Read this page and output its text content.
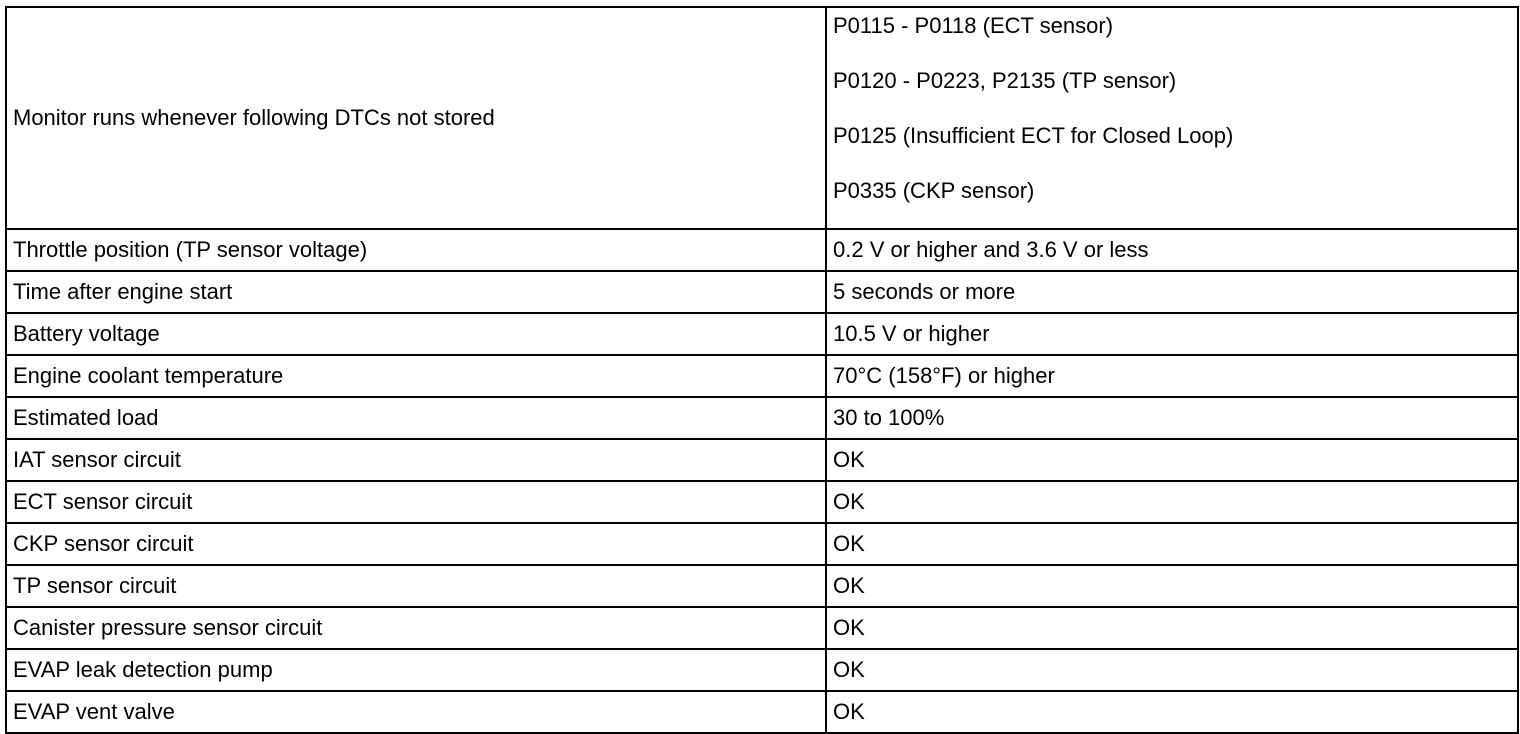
Monitor runs whenever following DTCs not stored	P0115 - P0118 (ECT sensor)
P0120 - P0223, P2135 (TP sensor)
P0125 (Insufficient ECT for Closed Loop)
P0335 (CKP sensor)

Throttle position (TP sensor voltage)	0.2 V or higher and 3.6 V or less
Time after engine start	5 seconds or more
Battery voltage	10.5 V or higher
Engine coolant temperature	70°C (158°F) or higher
Estimated load	30 to 100%
IAT sensor circuit	OK
ECT sensor circuit	OK
CKP sensor circuit	OK
TP sensor circuit	OK
Canister pressure sensor circuit	OK
EVAP leak detection pump	OK
EVAP vent valve	OK
